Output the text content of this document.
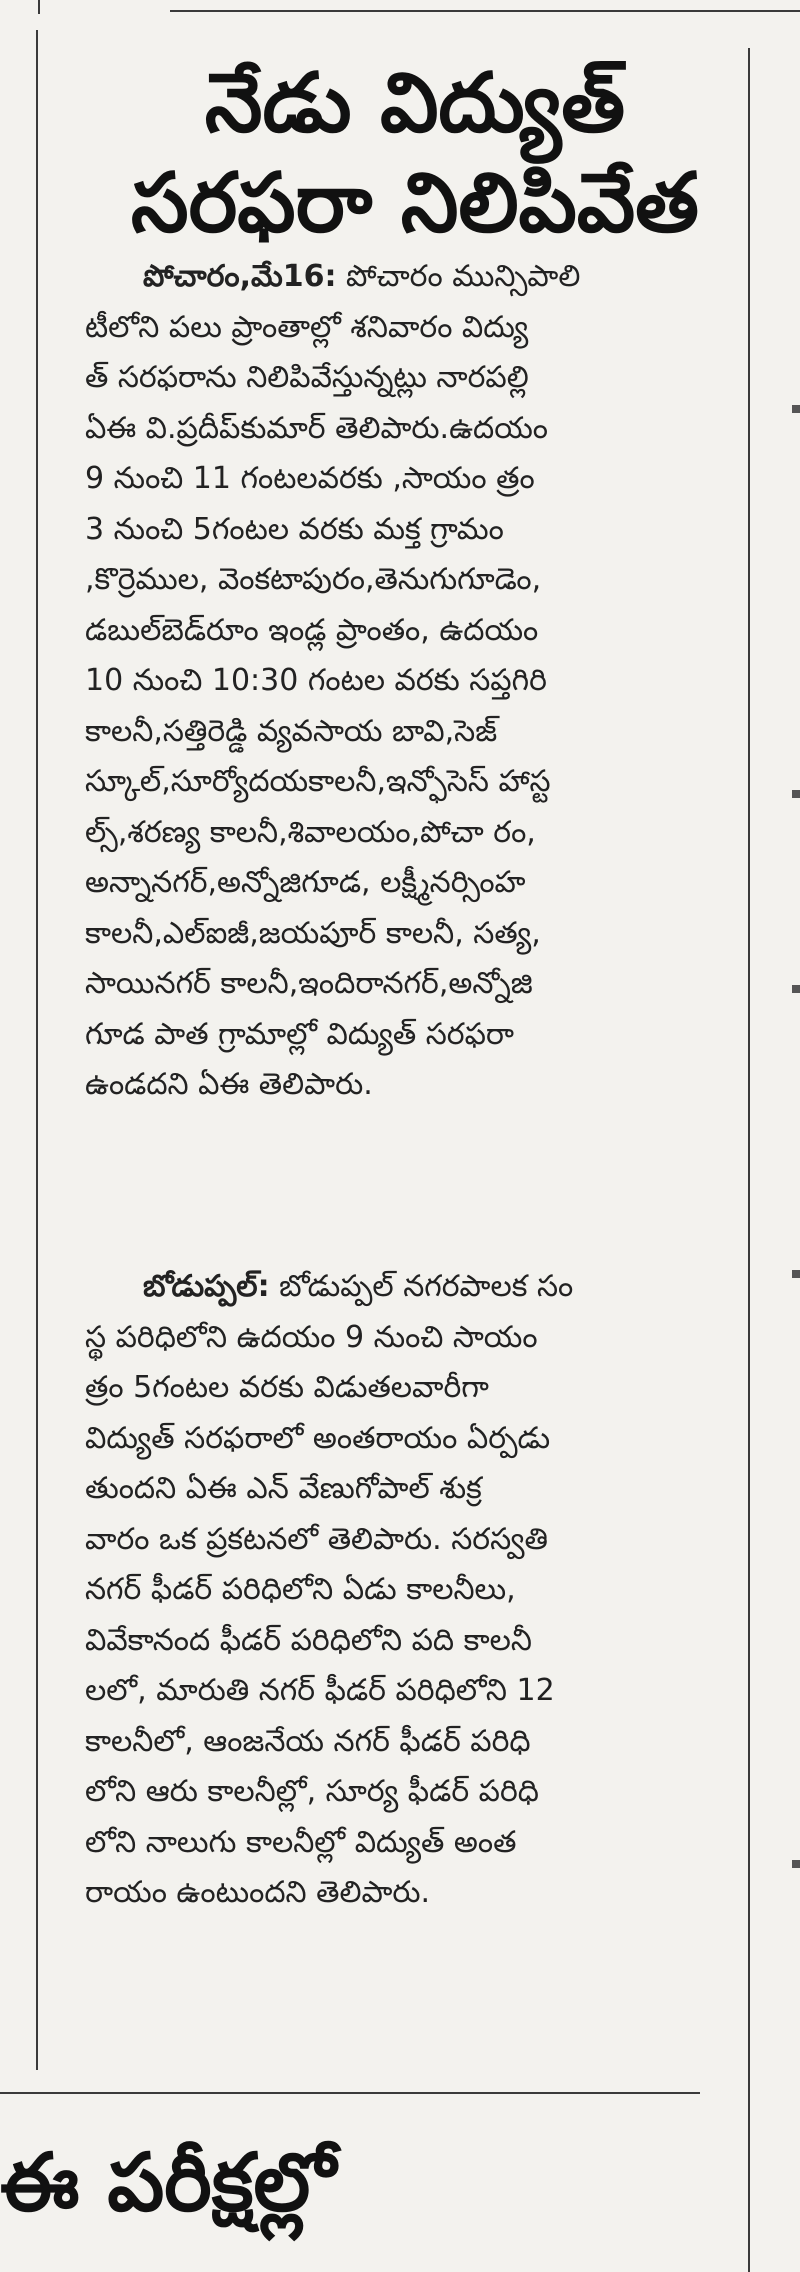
నేడు విద్యుత్
సరఫరా నిలిపివేత
పోచారం,మే16: పోచారం మున్సిపాలి
టీలోని పలు ప్రాంతాల్లో శనివారం విద్యు
త్ సరఫరాను నిలిపివేస్తున్నట్లు నారపల్లి
ఏఈ వి.ప్రదీప్‌కుమార్ తెలిపారు.ఉదయం
9 నుంచి 11 గంటలవరకు ,సాయం త్రం
3 నుంచి 5గంటల వరకు మక్త గ్రామం
,కొర్రెముల, వెంకటాపురం,తెనుగుగూడెం,
డబుల్‌బెడ్‌రూం ఇండ్ల ప్రాంతం, ఉదయం
10 నుంచి 10:30 గంటల వరకు సప్తగిరి
కాలనీ,సత్తిరెడ్డి వ్యవసాయ బావి,సెజ్
స్కూల్,సూర్యోదయకాలనీ,ఇన్ఫోసెస్ హాస్ట
ల్స్,శరణ్య కాలనీ,శివాలయం,పోచా రం,
అన్నానగర్,అన్నోజిగూడ, లక్ష్మీనర్సింహ
కాలనీ,ఎల్ఐజీ,జయపూర్ కాలనీ, సత్య,
సాయినగర్ కాలనీ,ఇందిరానగర్,అన్నోజి
గూడ పాత గ్రామాల్లో విద్యుత్ సరఫరా
ఉండదని ఏఈ తెలిపారు.
బోడుప్పల్: బోడుప్పల్ నగరపాలక సం
స్థ పరిధిలోని ఉదయం 9 నుంచి సాయం
త్రం 5గంటల వరకు విడుతలవారీగా
విద్యుత్ సరఫరాలో అంతరాయం ఏర్పడు
తుందని ఏఈ ఎన్ వేణుగోపాల్ శుక్ర
వారం ఒక ప్రకటనలో తెలిపారు. సరస్వతి
నగర్ ఫీడర్ పరిధిలోని ఏడు కాలనీలు,
వివేకానంద ఫీడర్ పరిధిలోని పది కాలనీ
లలో, మారుతి నగర్ ఫీడర్ పరిధిలోని 12
కాలనీలో, ఆంజనేయ నగర్ ఫీడర్ పరిధి
లోని ఆరు కాలనీల్లో, సూర్య ఫీడర్ పరిధి
లోని నాలుగు కాలనీల్లో విద్యుత్ అంత
రాయం ఉంటుందని తెలిపారు.
ఈ పరీక్షల్లో
